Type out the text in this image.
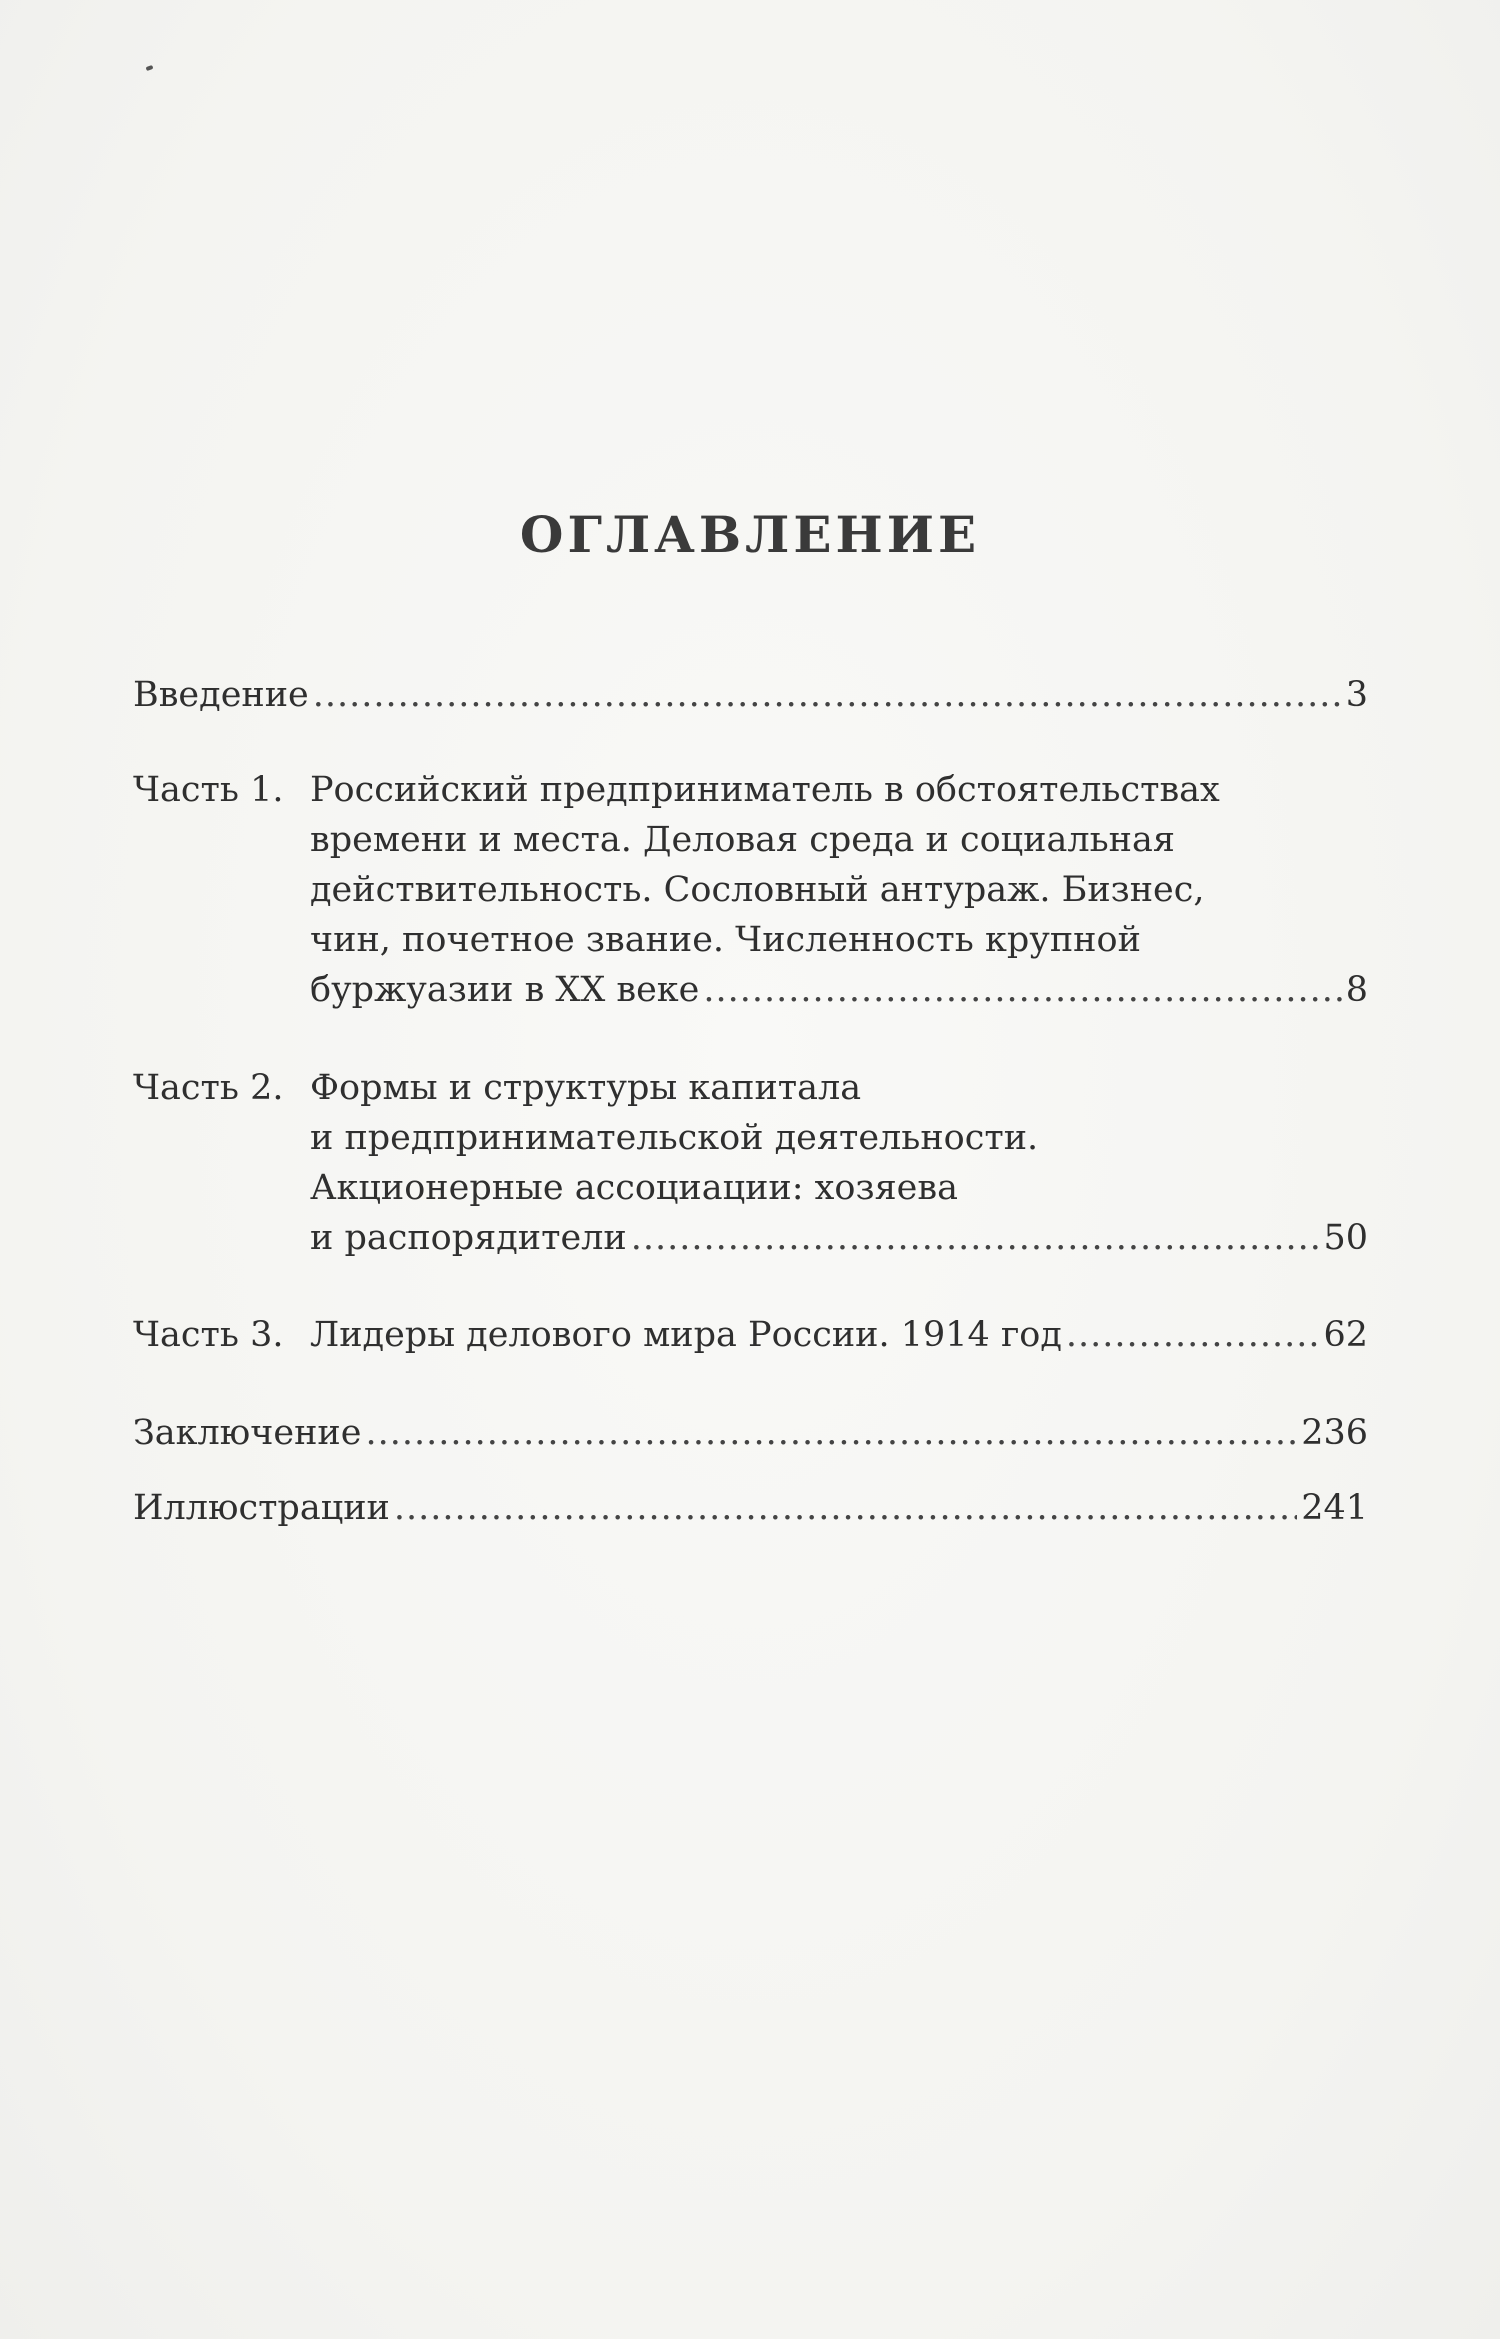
ОГЛАВЛЕНИЕ
Введение .....	3
Часть 1. Российский предприниматель в обстоятельствах
времени и места. Деловая среда и социальная
действительность. Сословный антураж. Бизнес,
чин, почетное звание. Численность крупной
буржуазии в XX веке .....	8
Часть 2. Формы и структуры капитала
и предпринимательской деятельности.
Акционерные ассоциации: хозяева
и распорядители .....	50
Часть 3. Лидеры делового мира России. 1914 год .....	62
Заключение .....	236
Иллюстрации .....	241
